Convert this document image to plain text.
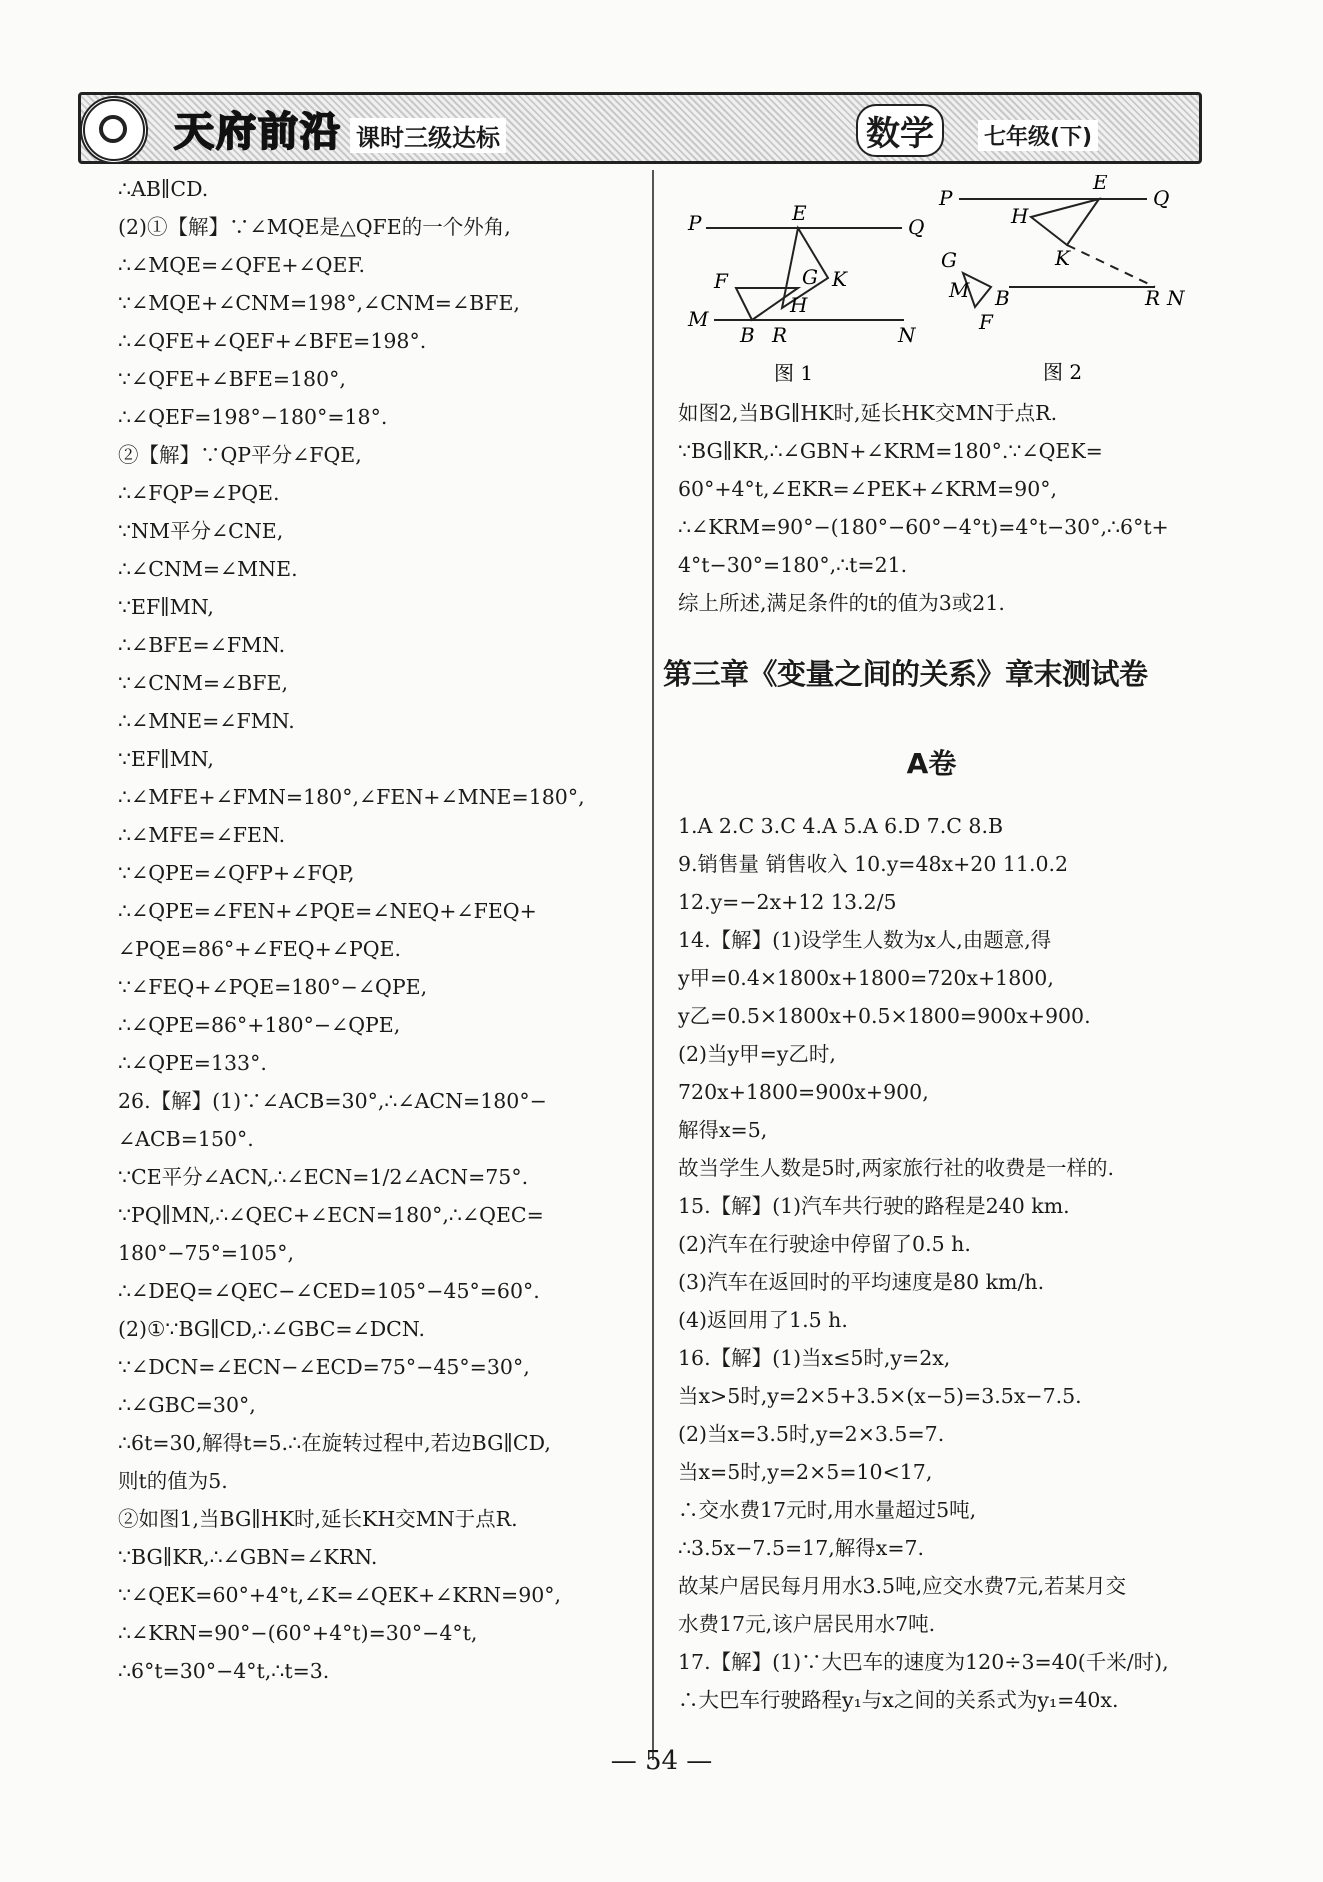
天府前沿 课时三级达标	数学	七年级(下)
∴AB∥CD.
(2)①【解】∵∠MQE是△QFE的一个外角,
∴∠MQE=∠QFE+∠QEF.
∵∠MQE+∠CNM=198°,∠CNM=∠BFE,
∴∠QFE+∠QEF+∠BFE=198°.
∵∠QFE+∠BFE=180°,
∴∠QEF=198°−180°=18°.
②【解】∵QP平分∠FQE,
∴∠FQP=∠PQE.
∵NM平分∠CNE,
∴∠CNM=∠MNE.
∵EF∥MN,
∴∠BFE=∠FMN.
∵∠CNM=∠BFE,
∴∠MNE=∠FMN.
∵EF∥MN,
∴∠MFE+∠FMN=180°,∠FEN+∠MNE=180°,
∴∠MFE=∠FEN.
∵∠QPE=∠QFP+∠FQP,
∴∠QPE=∠FEN+∠PQE=∠NEQ+∠FEQ+
∠PQE=86°+∠FEQ+∠PQE.
∵∠FEQ+∠PQE=180°−∠QPE,
∴∠QPE=86°+180°−∠QPE,
∴∠QPE=133°.
26.【解】(1)∵∠ACB=30°,∴∠ACN=180°−
∠ACB=150°.
∵CE平分∠ACN,∴∠ECN=1/2∠ACN=75°.
∵PQ∥MN,∴∠QEC+∠ECN=180°,∴∠QEC=
180°−75°=105°,
∴∠DEQ=∠QEC−∠CED=105°−45°=60°.
(2)①∵BG∥CD,∴∠GBC=∠DCN.
∵∠DCN=∠ECN−∠ECD=75°−45°=30°,
∴∠GBC=30°,
∴6t=30,解得t=5.∴在旋转过程中,若边BG∥CD,
则t的值为5.
②如图1,当BG∥HK时,延长KH交MN于点R.
∵BG∥KR,∴∠GBN=∠KRN.
∵∠QEK=60°+4°t,∠K=∠QEK+∠KRN=90°,
∴∠KRN=90°−(60°+4°t)=30°−4°t,
∴6°t=30°−4°t,∴t=3.
P	E
Q
F	G K
H
M
B R	N
图 1
P
E
Q
H
K
G
M B
F
R N
图 2
如图2,当BG∥HK时,延长HK交MN于点R.
∵BG∥KR,∴∠GBN+∠KRM=180°.∵∠QEK=
60°+4°t,∠EKR=∠PEK+∠KRM=90°,
∴∠KRM=90°−(180°−60°−4°t)=4°t−30°,∴6°t+
4°t−30°=180°,∴t=21.
综上所述,满足条件的t的值为3或21.
第三章《变量之间的关系》章末测试卷
A卷
1.A 2.C 3.C 4.A 5.A 6.D 7.C 8.B
9.销售量 销售收入 10.y=48x+20 11.0.2
12.y=−2x+12 13.2/5
14.【解】(1)设学生人数为x人,由题意,得
y甲=0.4×1800x+1800=720x+1800,
y乙=0.5×1800x+0.5×1800=900x+900.
(2)当y甲=y乙时,
720x+1800=900x+900,
解得x=5,
故当学生人数是5时,两家旅行社的收费是一样的.
15.【解】(1)汽车共行驶的路程是240 km.
(2)汽车在行驶途中停留了0.5 h.
(3)汽车在返回时的平均速度是80 km/h.
(4)返回用了1.5 h.
16.【解】(1)当x≤5时,y=2x,
当x>5时,y=2×5+3.5×(x−5)=3.5x−7.5.
(2)当x=3.5时,y=2×3.5=7.
当x=5时,y=2×5=10<17,
∴交水费17元时,用水量超过5吨,
∴3.5x−7.5=17,解得x=7.
故某户居民每月用水3.5吨,应交水费7元,若某月交
水费17元,该户居民用水7吨.
17.【解】(1)∵大巴车的速度为120÷3=40(千米/时),
∴大巴车行驶路程y₁与x之间的关系式为y₁=40x.
— 54 —
